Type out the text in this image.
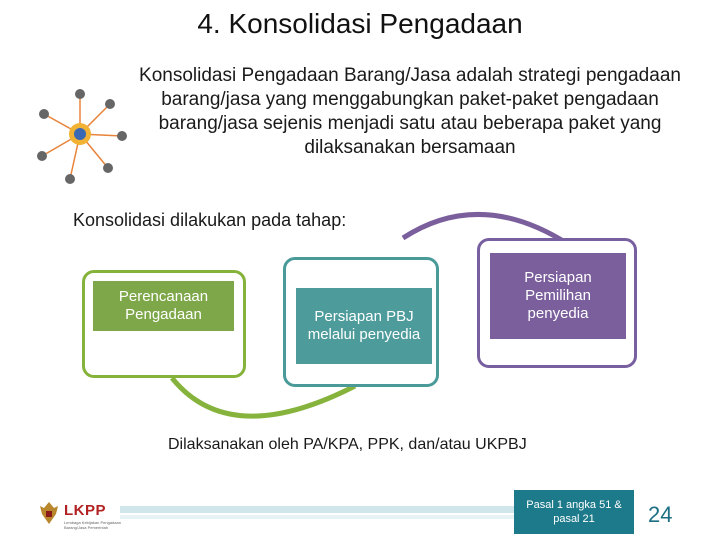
4. Konsolidasi Pengadaan
Konsolidasi Pengadaan Barang/Jasa adalah strategi pengadaan barang/jasa yang menggabungkan paket-paket pengadaan barang/jasa sejenis menjadi satu atau beberapa paket yang dilaksanakan bersamaan
Konsolidasi dilakukan pada tahap:
Perencanaan Pengadaan	Persiapan PBJ melalui penyedia
Persiapan Pemilihan penyedia
Dilaksanakan oleh PA/KPA, PPK, dan/atau UKPBJ
LKPP
Lembaga Kebijakan Pengadaan Barang/Jasa Pemerintah
Pasal 1 angka 51 & pasal 21	24
